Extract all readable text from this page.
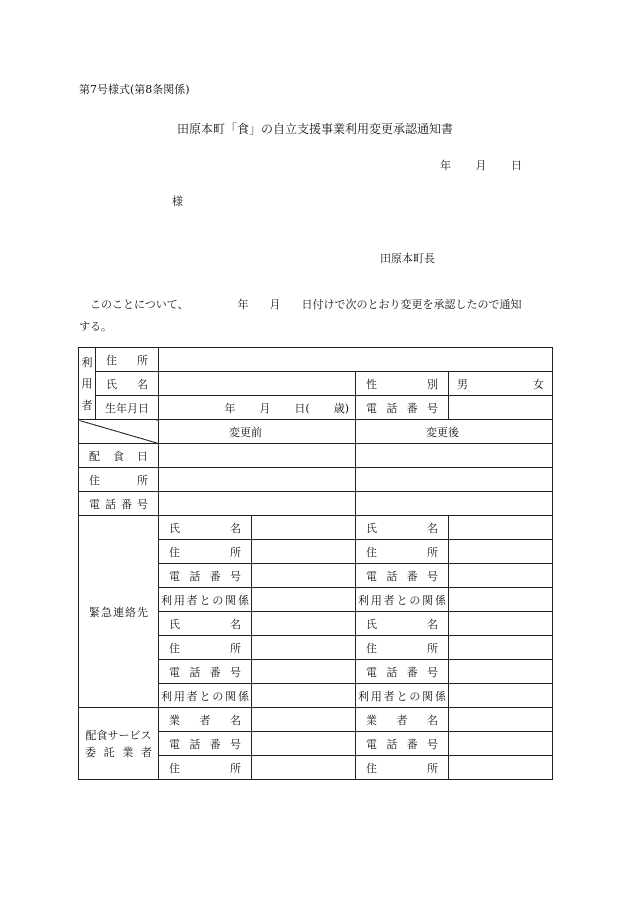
第7号様式(第8条関係)
田原本町「食」の自立支援事業利用変更承認通知書
年 月 日
様
田原本町長
このことについて、	年 月 日付けで次のとおり変更を承認したので通知
する。
利
用
者	住所				
	氏名			性別	男 女

	生年月日	年 月 日( 歳)		電話番号	

		変更前		変更後	

配食日					
住所					
電話番号					
緊急連絡先		氏名		氏名	
		住所		住所	
		電話番号		電話番号	
		利用者との関係		利用者との関係	
		氏名		氏名	
		住所		住所	
		電話番号		電話番号	
		利用者との関係		利用者との関係	

配食サービス
委託業者		業者名		業者名	
		電話番号		電話番号	
		住所		住所	
